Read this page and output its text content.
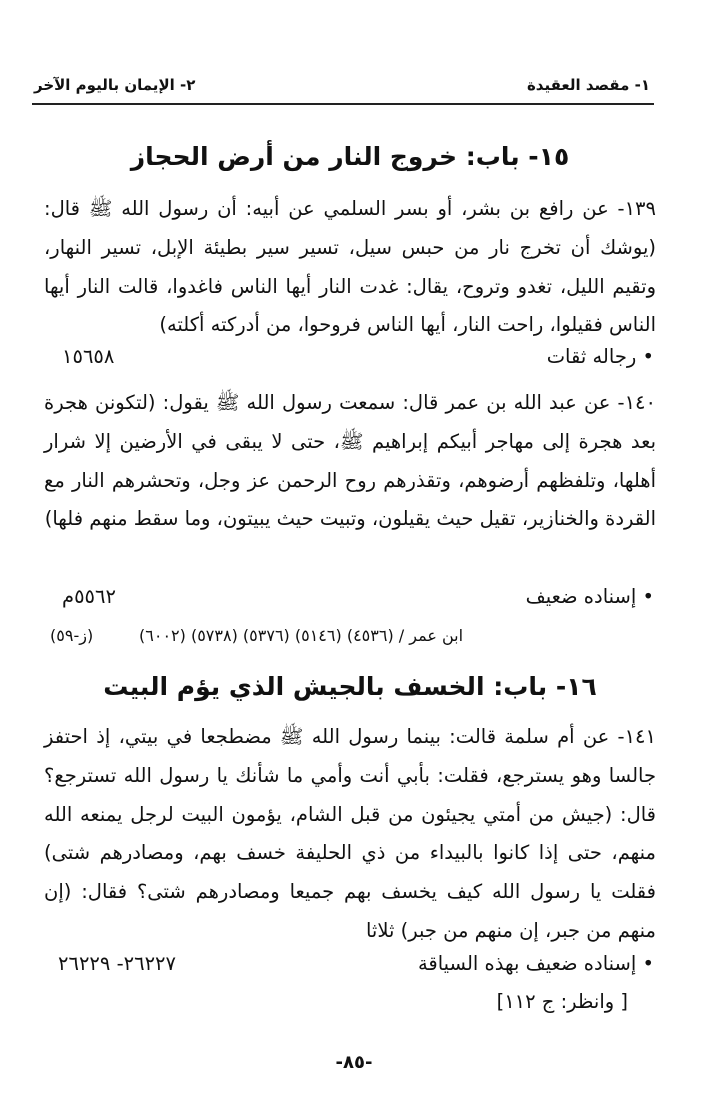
١- مقصد العقيدة
٢- الإيمان باليوم الآخر
١٥- باب: خروج النار من أرض الحجاز
١٣٩- عن رافع بن بشر، أو بسر السلمي عن أبيه: أن رسول الله ﷺ قال: (يوشك أن تخرج نار من حبس سيل، تسير سير بطيئة الإبل، تسير النهار، وتقيم الليل، تغدو وتروح، يقال: غدت النار أيها الناس فاغدوا، قالت النار أيها الناس فقيلوا، راحت النار، أيها الناس فروحوا، من أدركته أكلته)
• رجاله ثقات
١٥٦٥٨
١٤٠- عن عبد الله بن عمر قال: سمعت رسول الله ﷺ يقول: (لتكونن هجرة بعد هجرة إلى مهاجر أبيكم إبراهيم ﷺ، حتى لا يبقى في الأرضين إلا شرار أهلها، وتلفظهم أرضوهم، وتقذرهم روح الرحمن عز وجل، وتحشرهم النار مع القردة والخنازير، تقيل حيث يقيلون، وتبيت حيث يبيتون، وما سقط منهم فلها)
• إسناده ضعيف
٥٥٦٢م
(ز-٥٩)	ابن عمر / (٤٥٣٦) (٥١٤٦) (٥٣٧٦) (٥٧٣٨) (٦٠٠٢)
١٦- باب: الخسف بالجيش الذي يؤم البيت
١٤١- عن أم سلمة قالت: بينما رسول الله ﷺ مضطجعا في بيتي، إذ احتفز جالسا وهو يسترجع، فقلت: بأبي أنت وأمي ما شأنك يا رسول الله تسترجع؟ قال: (جيش من أمتي يجيئون من قبل الشام، يؤمون البيت لرجل يمنعه الله منهم، حتى إذا كانوا بالبيداء من ذي الحليفة خسف بهم، ومصادرهم شتى) فقلت يا رسول الله كيف يخسف بهم جميعا ومصادرهم شتى؟ فقال: (إن منهم من جبر، إن منهم من جبر) ثلاثا
• إسناده ضعيف بهذه السياقة
٢٦٢٢٧- ٢٦٢٢٩
[ وانظر: ج ١١٢]
-٨٥-
